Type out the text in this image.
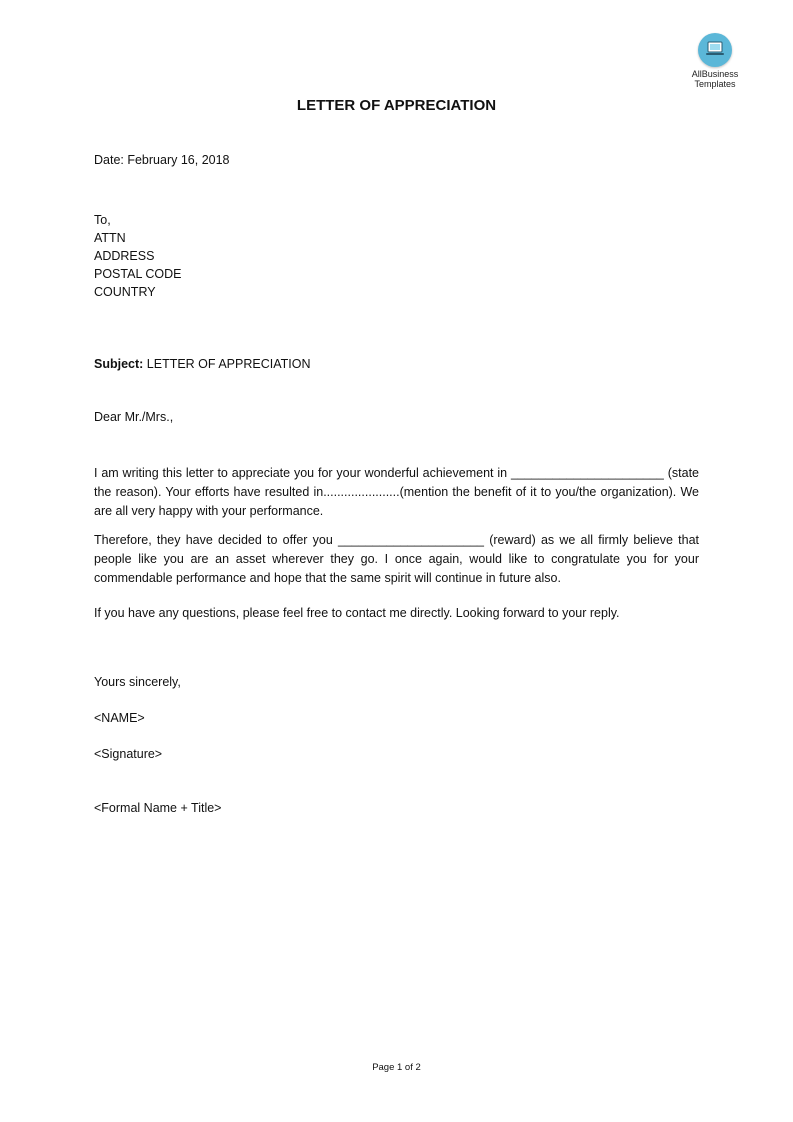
AllBusiness
Templates
LETTER OF APPRECIATION
Date: February 16, 2018
To,
ATTN
ADDRESS
POSTAL CODE
COUNTRY
Subject: LETTER OF APPRECIATION
Dear Mr./Mrs.,
I am writing this letter to appreciate you for your wonderful achievement in ______________________ (state the reason). Your efforts have resulted in......................(mention the benefit of it to you/the organization). We are all very happy with your performance.
Therefore, they have decided to offer you _____________________ (reward) as we all firmly believe that people like you are an asset wherever they go. I once again, would like to congratulate you for your commendable performance and hope that the same spirit will continue in future also.
If you have any questions, please feel free to contact me directly. Looking forward to your reply.
Yours sincerely,
<NAME>
<Signature>
<Formal Name + Title>
Page 1 of 2
